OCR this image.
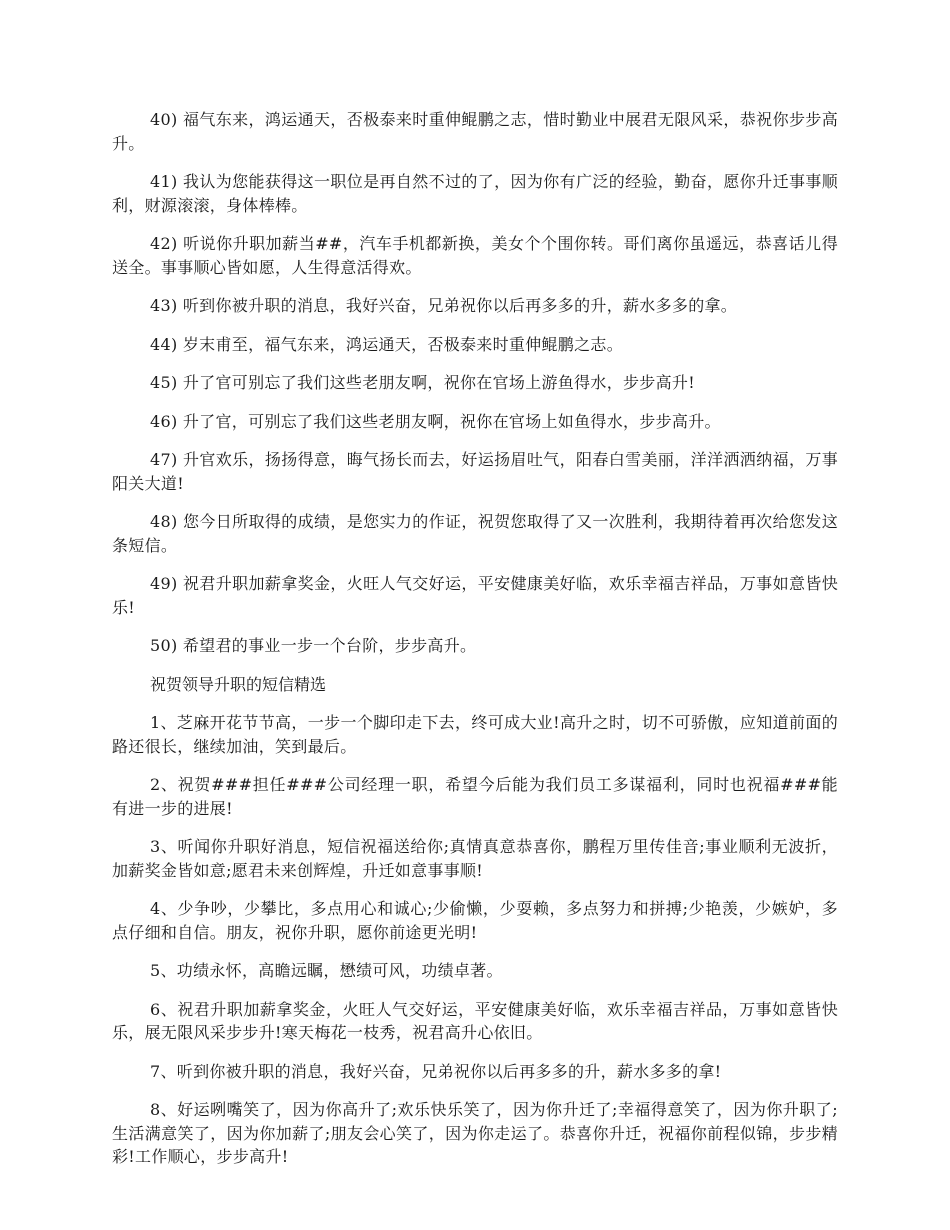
40) 福气东来，鸿运通天，否极泰来时重伸鲲鹏之志，惜时勤业中展君无限风采，恭祝你步步高升。

41) 我认为您能获得这一职位是再自然不过的了，因为你有广泛的经验，勤奋，愿你升迁事事顺利，财源滚滚，身体棒棒。

42) 听说你升职加薪当##，汽车手机都新换，美女个个围你转。哥们离你虽遥远，恭喜话儿得送全。事事顺心皆如愿，人生得意活得欢。

43) 听到你被升职的消息，我好兴奋，兄弟祝你以后再多多的升，薪水多多的拿。

44) 岁末甫至，福气东来，鸿运通天，否极泰来时重伸鲲鹏之志。

45) 升了官可别忘了我们这些老朋友啊，祝你在官场上游鱼得水，步步高升!

46) 升了官，可别忘了我们这些老朋友啊，祝你在官场上如鱼得水，步步高升。

47) 升官欢乐，扬扬得意，晦气扬长而去，好运扬眉吐气，阳春白雪美丽，洋洋洒洒纳福，万事阳关大道!

48) 您今日所取得的成绩，是您实力的作证，祝贺您取得了又一次胜利，我期待着再次给您发这条短信。

49) 祝君升职加薪拿奖金，火旺人气交好运，平安健康美好临，欢乐幸福吉祥品，万事如意皆快乐!

50) 希望君的事业一步一个台阶，步步高升。

祝贺领导升职的短信精选

1、芝麻开花节节高，一步一个脚印走下去，终可成大业!高升之时，切不可骄傲，应知道前面的路还很长，继续加油，笑到最后。

2、祝贺###担任###公司经理一职，希望今后能为我们员工多谋福利，同时也祝福###能有进一步的进展!

3、听闻你升职好消息，短信祝福送给你;真情真意恭喜你，鹏程万里传佳音;事业顺利无波折，加薪奖金皆如意;愿君未来创辉煌，升迁如意事事顺!

4、少争吵，少攀比，多点用心和诚心;少偷懒，少耍赖，多点努力和拼搏;少艳羡，少嫉妒，多点仔细和自信。朋友，祝你升职，愿你前途更光明!

5、功绩永怀，高瞻远瞩，懋绩可风，功绩卓著。

6、祝君升职加薪拿奖金，火旺人气交好运，平安健康美好临，欢乐幸福吉祥品，万事如意皆快乐，展无限风采步步升!寒天梅花一枝秀，祝君高升心依旧。

7、听到你被升职的消息，我好兴奋，兄弟祝你以后再多多的升，薪水多多的拿!

8、好运咧嘴笑了，因为你高升了;欢乐快乐笑了，因为你升迁了;幸福得意笑了，因为你升职了;生活满意笑了，因为你加薪了;朋友会心笑了，因为你走运了。恭喜你升迁，祝福你前程似锦，步步精彩!工作顺心，步步高升!
